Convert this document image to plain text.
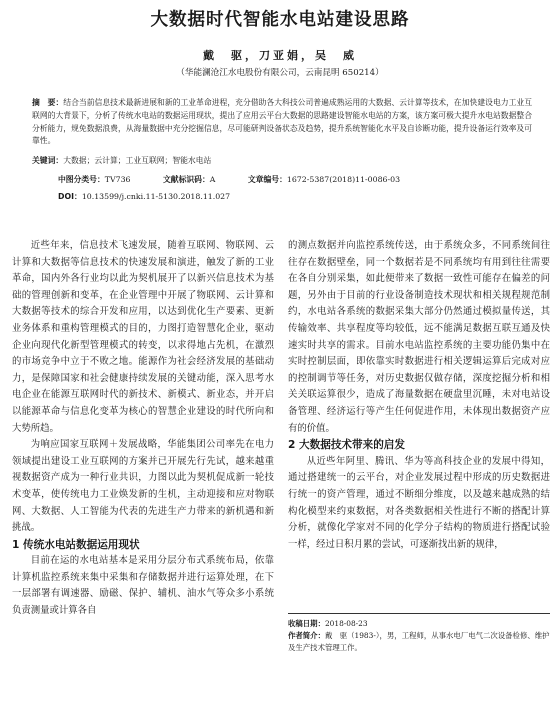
大数据时代智能水电站建设思路
戴　驱，刀亚娟，吴　威
（华能澜沧江水电股份有限公司，云南昆明 650214）
摘　要：结合当前信息技术最新进展和新的工业革命进程，充分借助各大科技公司普遍成熟运用的大数据、云计算等技术，在加快建设电力工业互联网的大背景下，分析了传统水电站的数据运用现状，提出了应用云平台大数据的思路建设智能水电站的方案，该方案可极大提升水电站数据整合分析能力，规免数据浪费，从海量数据中充分挖掘信息，尽可能研判设备状态及趋势，提升系统智能化水平及自诊断功能，提升设备运行效率及可靠性。
关键词：大数据；云计算；工业互联网；智能水电站
中图分类号：TV736	文献标识码：A	文章编号：1672-5387(2018)11-0086-03
DOI：10.13599/j.cnki.11-5130.2018.11.027

近些年来，信息技术飞速发展，随着互联网、物联网、云计算和大数据等信息技术的快速发展和演进，触发了新的工业革命，国内外各行业均以此为契机展开了以新兴信息技术为基础的管理创新和变革，在企业管理中开展了物联网、云计算和大数据等技术的综合开发和应用，以达到优化生产要素、更新业务体系和重构管理模式的目的，力图打造智慧化企业，驱动企业向现代化新型管理模式的转变，以求得地占先机，在激烈的市场竞争中立于不败之地。能源作为社会经济发展的基础动力，是保障国家和社会健康持续发展的关键动能，深入思考水电企业在能源互联网时代的新技术、新模式、新业态，并开启以能源革命与信息化变革为核心的智慧企业建设的时代所向和大势所趋。

为响应国家互联网＋发展战略，华能集团公司率先在电力领域提出建设工业互联网的方案并已开展先行先试，越来越重视数据资产成为一种行业共识，力图以此为契机促成新一轮技术变革，使传统电力工业焕发新的生机，主动迎接和应对物联网、大数据、人工智能为代表的先进生产力带来的新机遇和新挑战。

1 传统水电站数据运用现状

目前在运的水电站基本是采用分层分布式系统布局，依靠计算机监控系统来集中采集和存储数据并进行运算处理，在下一层部署有调速器、励磁、保护、辅机、油水气等众多小系统负责测量或计算各自

的测点数据并向监控系统传送，由于系统众多，不同系统间往往存在数据壁垒，同一个数据若是不同系统均有用到往往需要在各自分别采集，如此便带来了数据一致性可能存在偏差的问题，另外由于目前的行业设备制造技术现状和相关规程规范制约，水电站各系统的数据采集大部分仍然通过模拟量传送，其传输效率、共享程度等均较低，远不能满足数据互联互通及快速实时共享的需求。目前水电站监控系统的主要功能仍集中在实时控制层面，即依靠实时数据进行相关逻辑运算后完成对应的控制调节等任务，对历史数据仅做存储，深度挖掘分析和相关关联运算很少，造成了海量数据在硬盘里沉睡，未对电站设备管理、经济运行等产生任何促进作用，未体现出数据资产应有的价值。

2 大数据技术带来的启发

从近些年阿里、腾讯、华为等高科技企业的发展中得知，通过搭建统一的云平台，对企业发展过程中形成的历史数据进行统一的资产管理，通过不断细分维度，以及越来越成熟的结构化模型来约束数据，对各类数据相关性进行不断的搭配计算分析，就像化学家对不同的化学分子结构的物质进行搭配试验一样，经过日积月累的尝试，可逐渐找出新的规律，

收稿日期：2018-08-23
作者简介：戴　驱（1983-），男，工程师，从事水电厂电气二次设备检修、维护及生产技术管理工作。
